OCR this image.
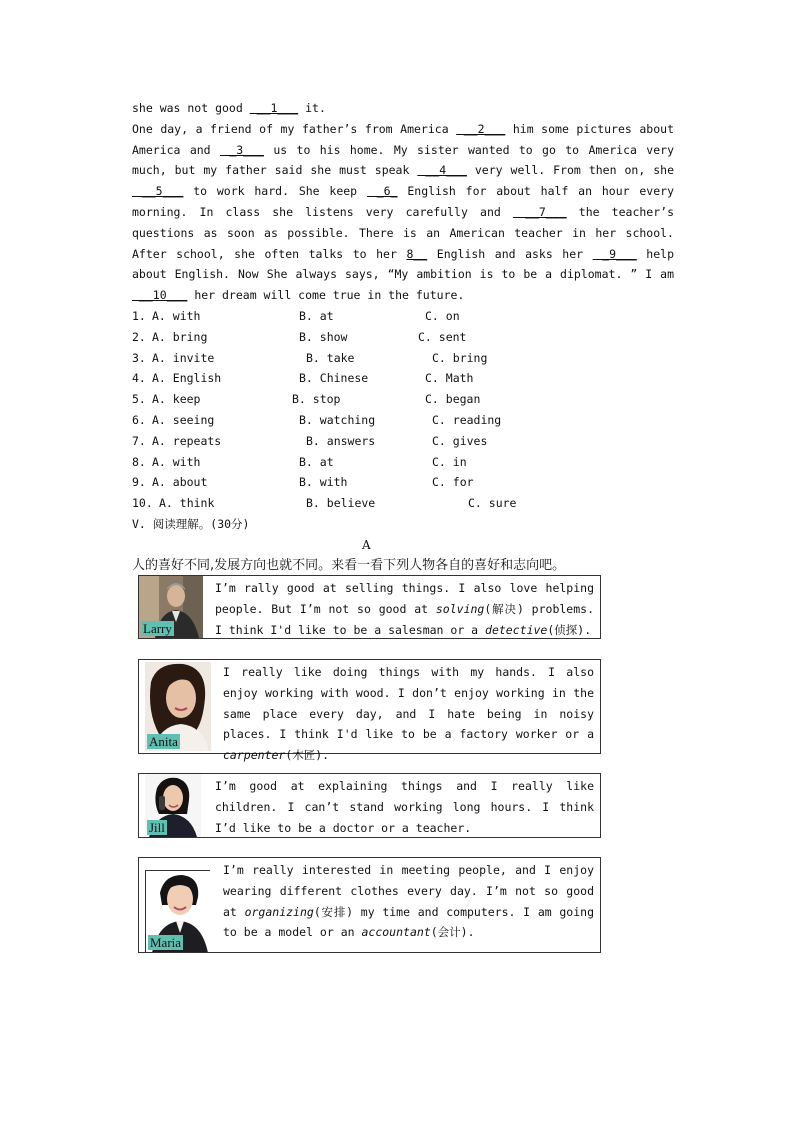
she was not good  __1___ it.

One day, a friend of my father’s from America  __2___ him some pictures about America and  _3___ us to his home. My sister wanted to go to America very much, but my father said she must speak  __4___ very well. From then on, she  __5___ to work hard. She keep  _6_ English for about half an hour every morning. In class she listens very carefully and  __7___ the teacher’s questions as soon as possible. There is an American teacher in her school. After school, she often talks to her 8__ English and asks her  _9___ help about English. Now She always says, “My ambition is to be a diplomat. ” I am  __10___ her dream will come true in the future.

1. A. with	B. at	C. on
2. A. bring	B. show	C. sent
3. A. invite	B. take	C. bring
4. A. English	B. Chinese	C. Math
5. A. keep	B. stop	C. began
6. A. seeing	B. watching	C. reading
7. A. repeats	B. answers	C. gives
8. A. with	B. at	C. in
9. A. about	B. with	C. for
10. A. think	B. believe	C. sure
V. 阅读理解。(30分)
A
人的喜好不同,发展方向也就不同。来看一看下列人物各自的喜好和志向吧。
Larry
I’m rally good at selling things. I also love helping people. But I’m not so good at solving(解决) problems. I think I'd like to be a salesman or a detective(侦探).
Anita
I really like doing things with my hands. I also enjoy working with wood. I don’t enjoy working in the same place every day, and I hate being in noisy places. I think I'd like to be a factory worker or a carpenter(木匠).
Jill
I’m good at explaining things and I really like children. I can’t stand working long hours. I think I’d like to be a doctor or a teacher.
Maria
I’m really interested in meeting people, and I enjoy wearing different clothes every day. I’m not so good at organizing(安排) my time and computers. I am going to be a model or an accountant(会计).
